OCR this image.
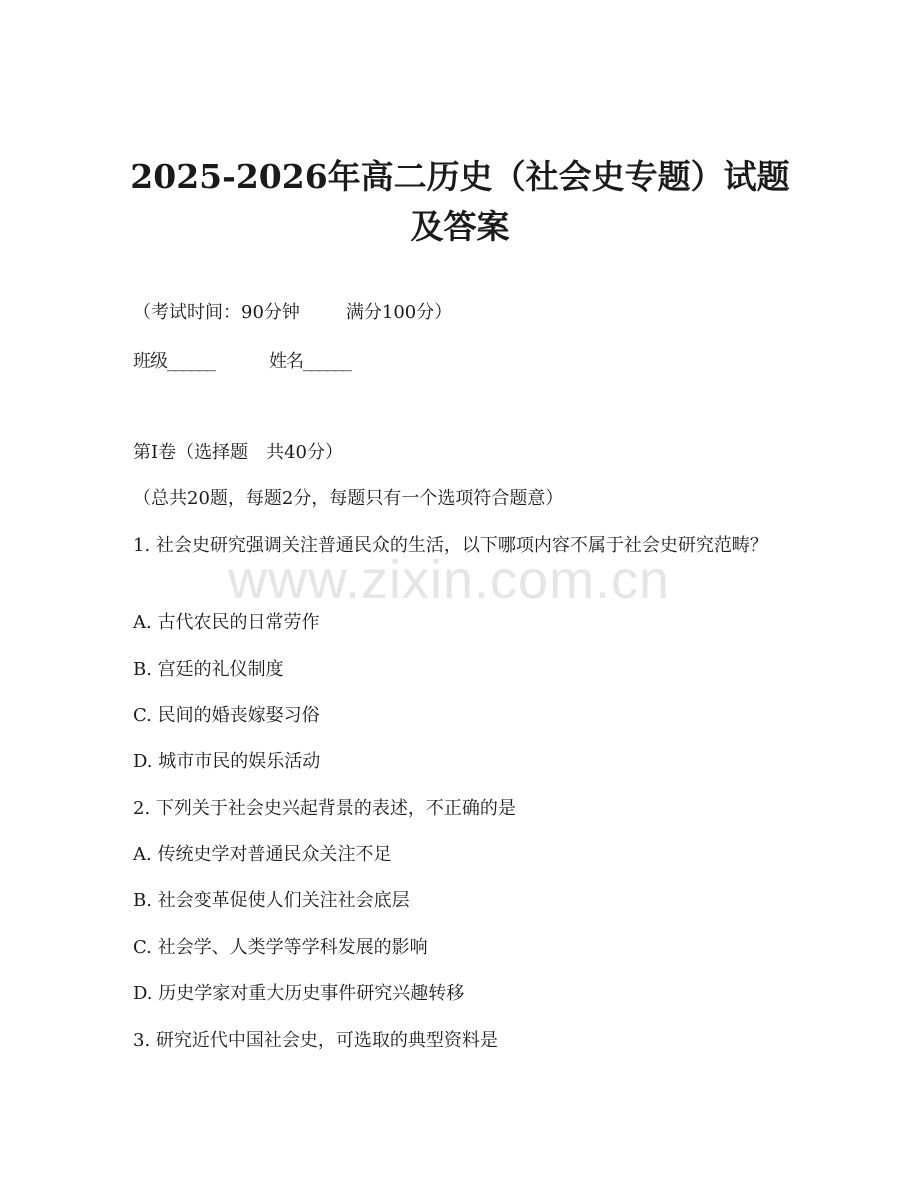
2025-2026年高二历史（社会史专题）试题
及答案

（考试时间：90分钟	满分100分）

班级______	姓名______

第I卷（选择题　共40分）

（总共20题，每题2分，每题只有一个选项符合题意）

1. 社会史研究强调关注普通民众的生活，以下哪项内容不属于社会史研究范畴？

A. 古代农民的日常劳作

B. 宫廷的礼仪制度

C. 民间的婚丧嫁娶习俗

D. 城市市民的娱乐活动

2. 下列关于社会史兴起背景的表述，不正确的是

A. 传统史学对普通民众关注不足

B. 社会变革促使人们关注社会底层

C. 社会学、人类学等学科发展的影响

D. 历史学家对重大历史事件研究兴趣转移

3. 研究近代中国社会史，可选取的典型资料是

www.zixin.com.cn
